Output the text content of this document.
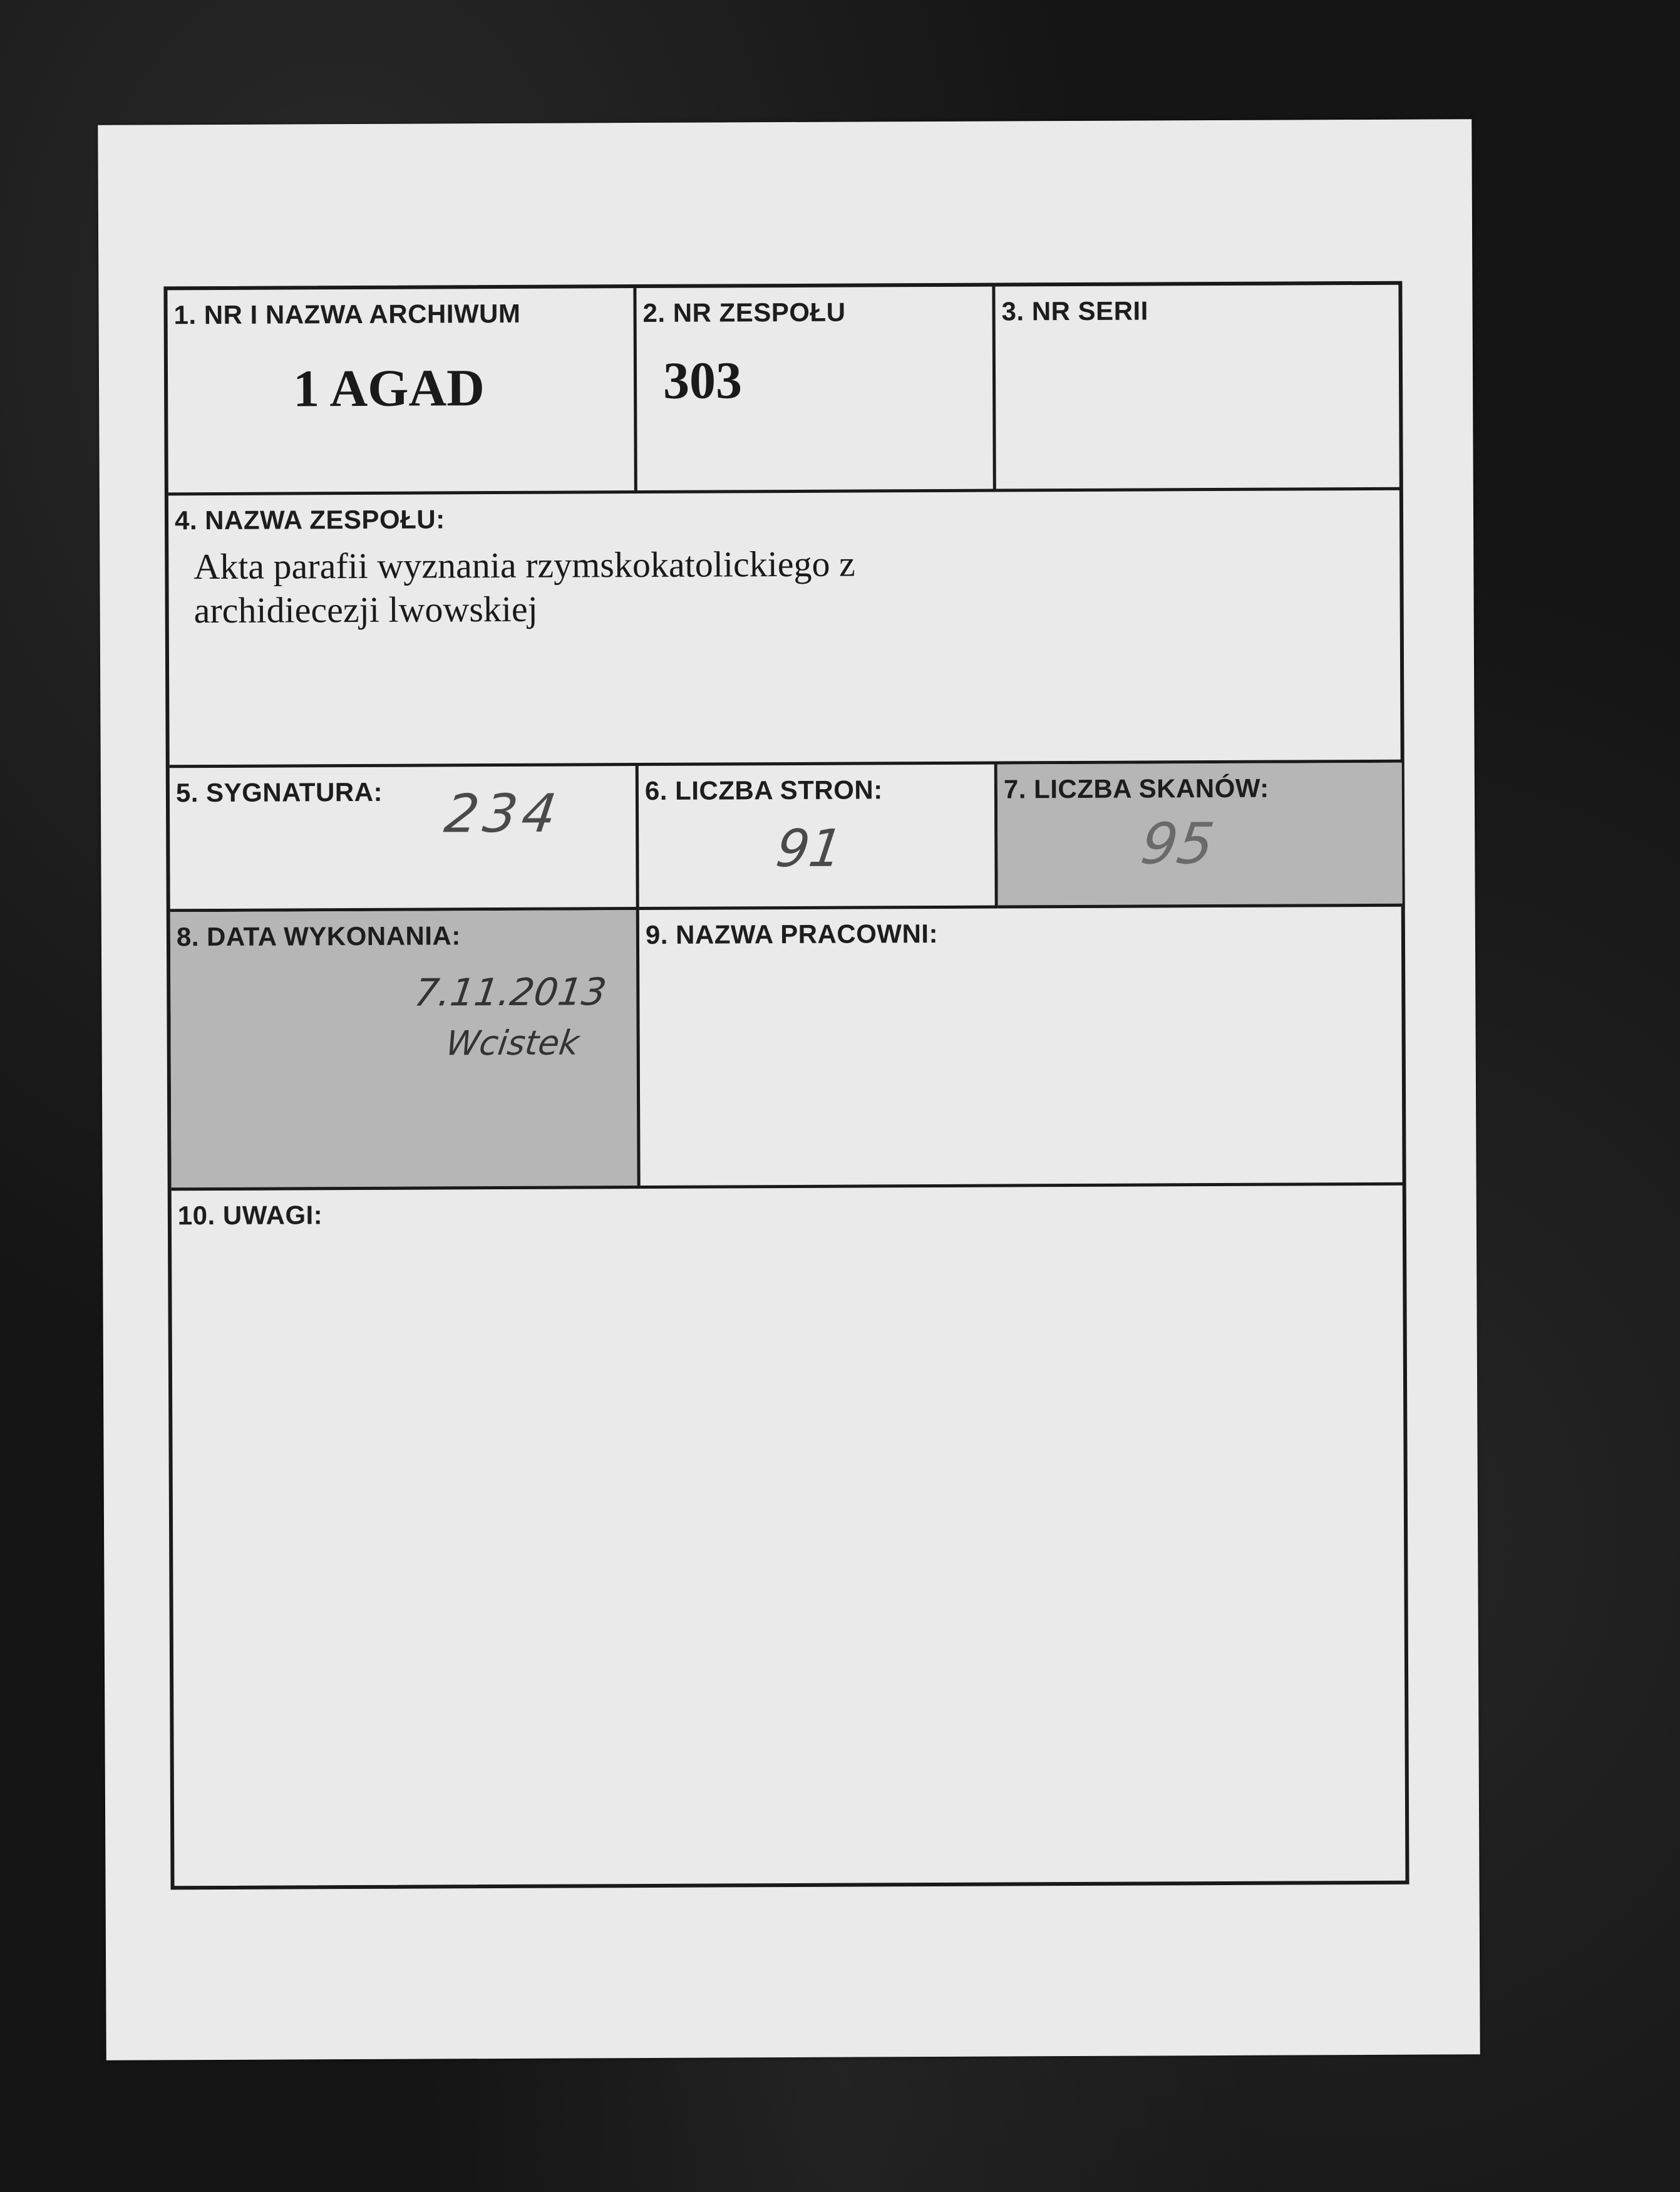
1. NR I NAZWA ARCHIWUM
1 AGAD
2. NR ZESPOŁU
303
3. NR SERII
4. NAZWA ZESPOŁU:
Akta parafii wyznania rzymskokatolickiego z
archidiecezji lwowskiej
5. SYGNATURA: 234	6. LICZBA STRON:
91
7. LICZBA SKANÓW:
95
8. DATA WYKONANIA:
7.11.2013
Wcistek
9. NAZWA PRACOWNI:
10. UWAGI:
